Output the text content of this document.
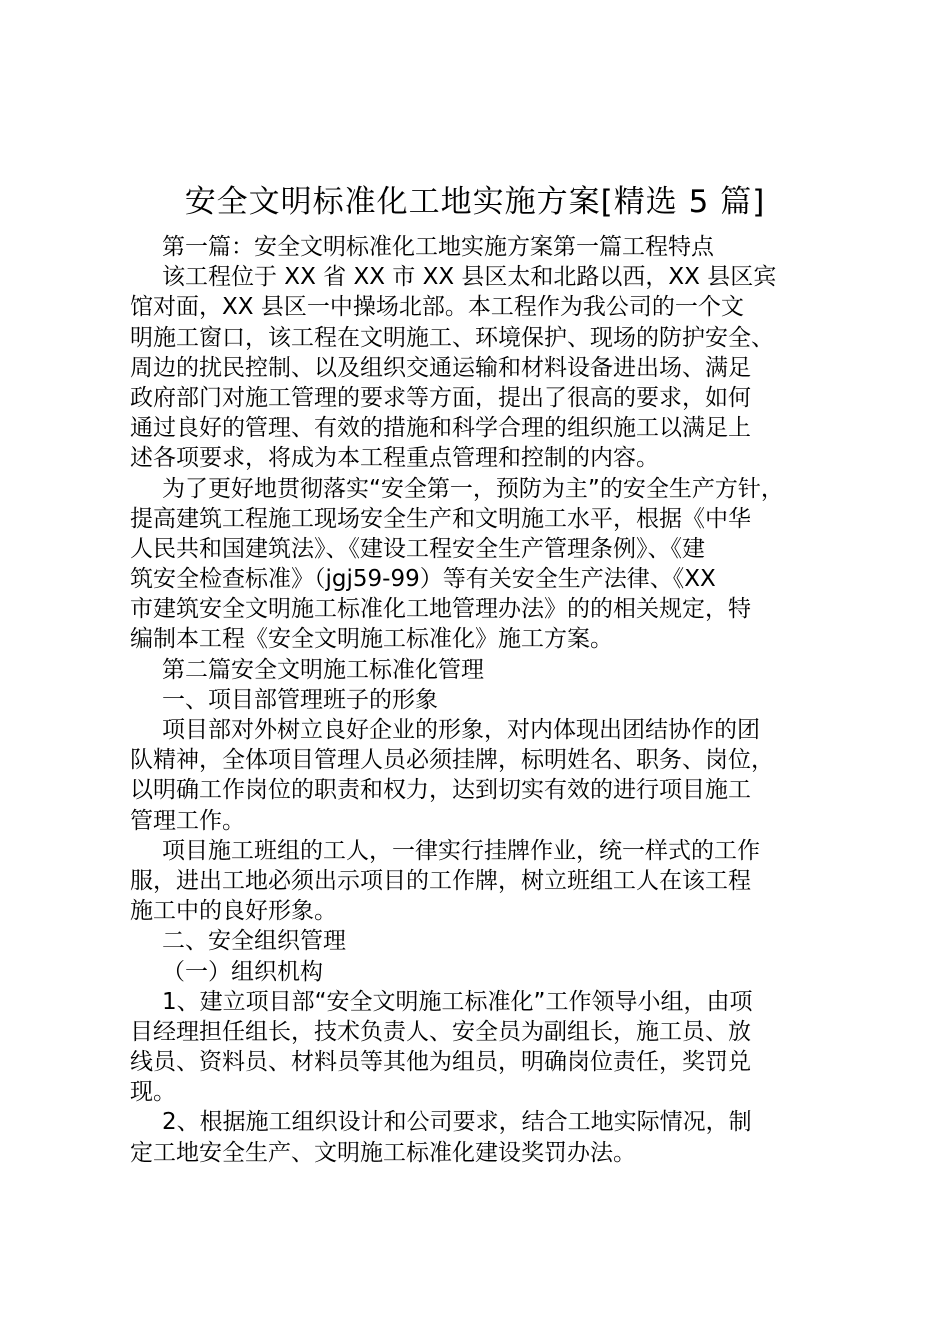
安全文明标准化工地实施方案[精选 5 篇]
第一篇：安全文明标准化工地实施方案第一篇工程特点
该工程位于 XX 省 XX 市 XX 县区太和北路以西，XX 县区宾
馆对面，XX 县区一中操场北部。本工程作为我公司的一个文
明施工窗口，该工程在文明施工、环境保护、现场的防护安全、
周边的扰民控制、以及组织交通运输和材料设备进出场、满足
政府部门对施工管理的要求等方面，提出了很高的要求，如何
通过良好的管理、有效的措施和科学合理的组织施工以满足上
述各项要求，将成为本工程重点管理和控制的内容。
为了更好地贯彻落实“安全第一，预防为主”的安全生产方针，
提高建筑工程施工现场安全生产和文明施工水平，根据《中华
人民共和国建筑法》、《建设工程安全生产管理条例》、《建
筑安全检查标准》（jgj59-99）等有关安全生产法律、《XX
市建筑安全文明施工标准化工地管理办法》的的相关规定，特
编制本工程《安全文明施工标准化》施工方案。
第二篇安全文明施工标准化管理
一、项目部管理班子的形象
项目部对外树立良好企业的形象，对内体现出团结协作的团
队精神，全体项目管理人员必须挂牌，标明姓名、职务、岗位，
以明确工作岗位的职责和权力，达到切实有效的进行项目施工
管理工作。
项目施工班组的工人，一律实行挂牌作业，统一样式的工作
服，进出工地必须出示项目的工作牌，树立班组工人在该工程
施工中的良好形象。
二、安全组织管理
（一）组织机构
1、建立项目部“安全文明施工标准化”工作领导小组，由项
目经理担任组长，技术负责人、安全员为副组长，施工员、放
线员、资料员、材料员等其他为组员，明确岗位责任，奖罚兑
现。
2、根据施工组织设计和公司要求，结合工地实际情况，制
定工地安全生产、文明施工标准化建设奖罚办法。
